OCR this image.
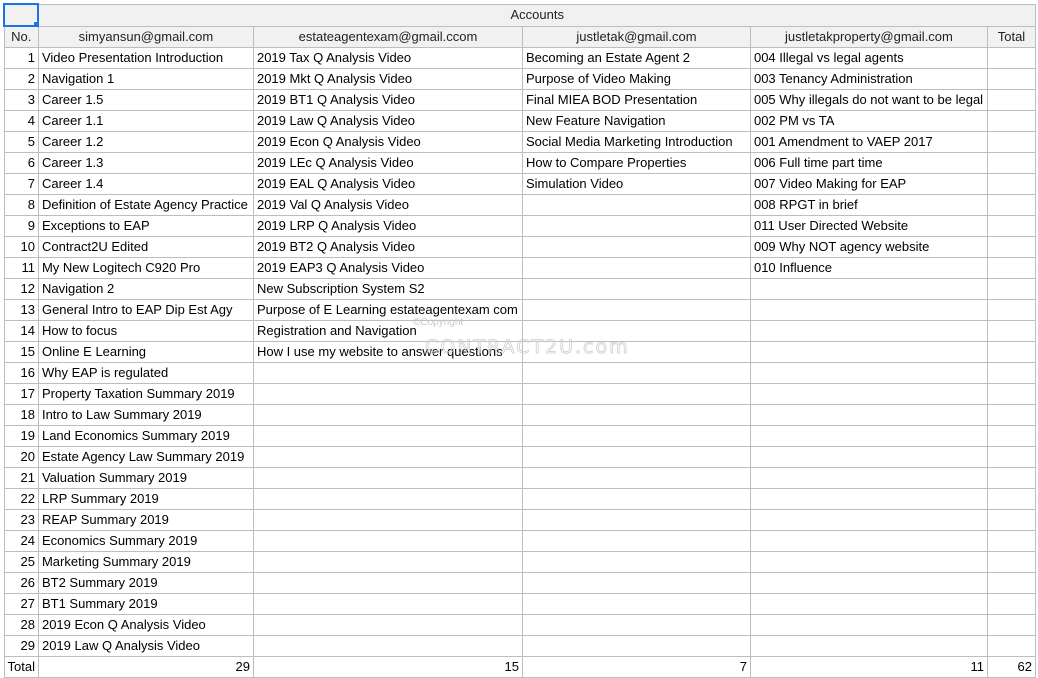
	Accounts				
No.	simyansun@gmail.com	estateagentexam@gmail.ccom	justletak@gmail.com	justletakproperty@gmail.com	Total
1	Video Presentation Introduction	2019 Tax Q Analysis Video	Becoming an Estate Agent 2	004 Illegal vs legal agents	
2	Navigation 1	2019 Mkt Q Analysis Video	Purpose of Video Making	003 Tenancy Administration	
3	Career 1.5	2019 BT1 Q Analysis Video	Final MIEA BOD Presentation	005 Why illegals do not want to be legal	
4	Career 1.1	2019 Law Q Analysis Video	New Feature Navigation	002 PM vs TA	
5	Career 1.2	2019 Econ Q Analysis Video	Social Media Marketing Introduction	001 Amendment to VAEP 2017	
6	Career 1.3	2019 LEc Q Analysis Video	How to Compare Properties	006 Full time part time	
7	Career 1.4	2019 EAL Q Analysis Video	Simulation Video	007 Video Making for EAP	
8	Definition of Estate Agency Practice	2019 Val Q Analysis Video		008 RPGT in brief	
9	Exceptions to EAP	2019 LRP Q Analysis Video		011 User Directed Website	
10	Contract2U Edited	2019 BT2 Q Analysis Video		009 Why NOT agency website	
11	My New Logitech C920 Pro	2019 EAP3 Q Analysis Video		010 Influence	
12	Navigation 2	New Subscription System S2			
13	General Intro to EAP Dip Est Agy	Purpose of E Learning estateagentexam com			
14	How to focus	Registration and Navigation			
15	Online E Learning	How I use my website to answer questions			
16	Why EAP is regulated				
17	Property Taxation Summary 2019				
18	Intro to Law Summary 2019				
19	Land Economics Summary 2019				
20	Estate Agency Law Summary 2019				
21	Valuation Summary 2019				
22	LRP Summary 2019				
23	REAP Summary 2019				
24	Economics Summary 2019				
25	Marketing Summary 2019				
26	BT2 Summary 2019				
27	BT1 Summary 2019				
28	2019 Econ Q Analysis Video				
29	2019 Law Q Analysis Video				
Total	29	15	7	11	62
©Copyright
CONTRACT2U.com
